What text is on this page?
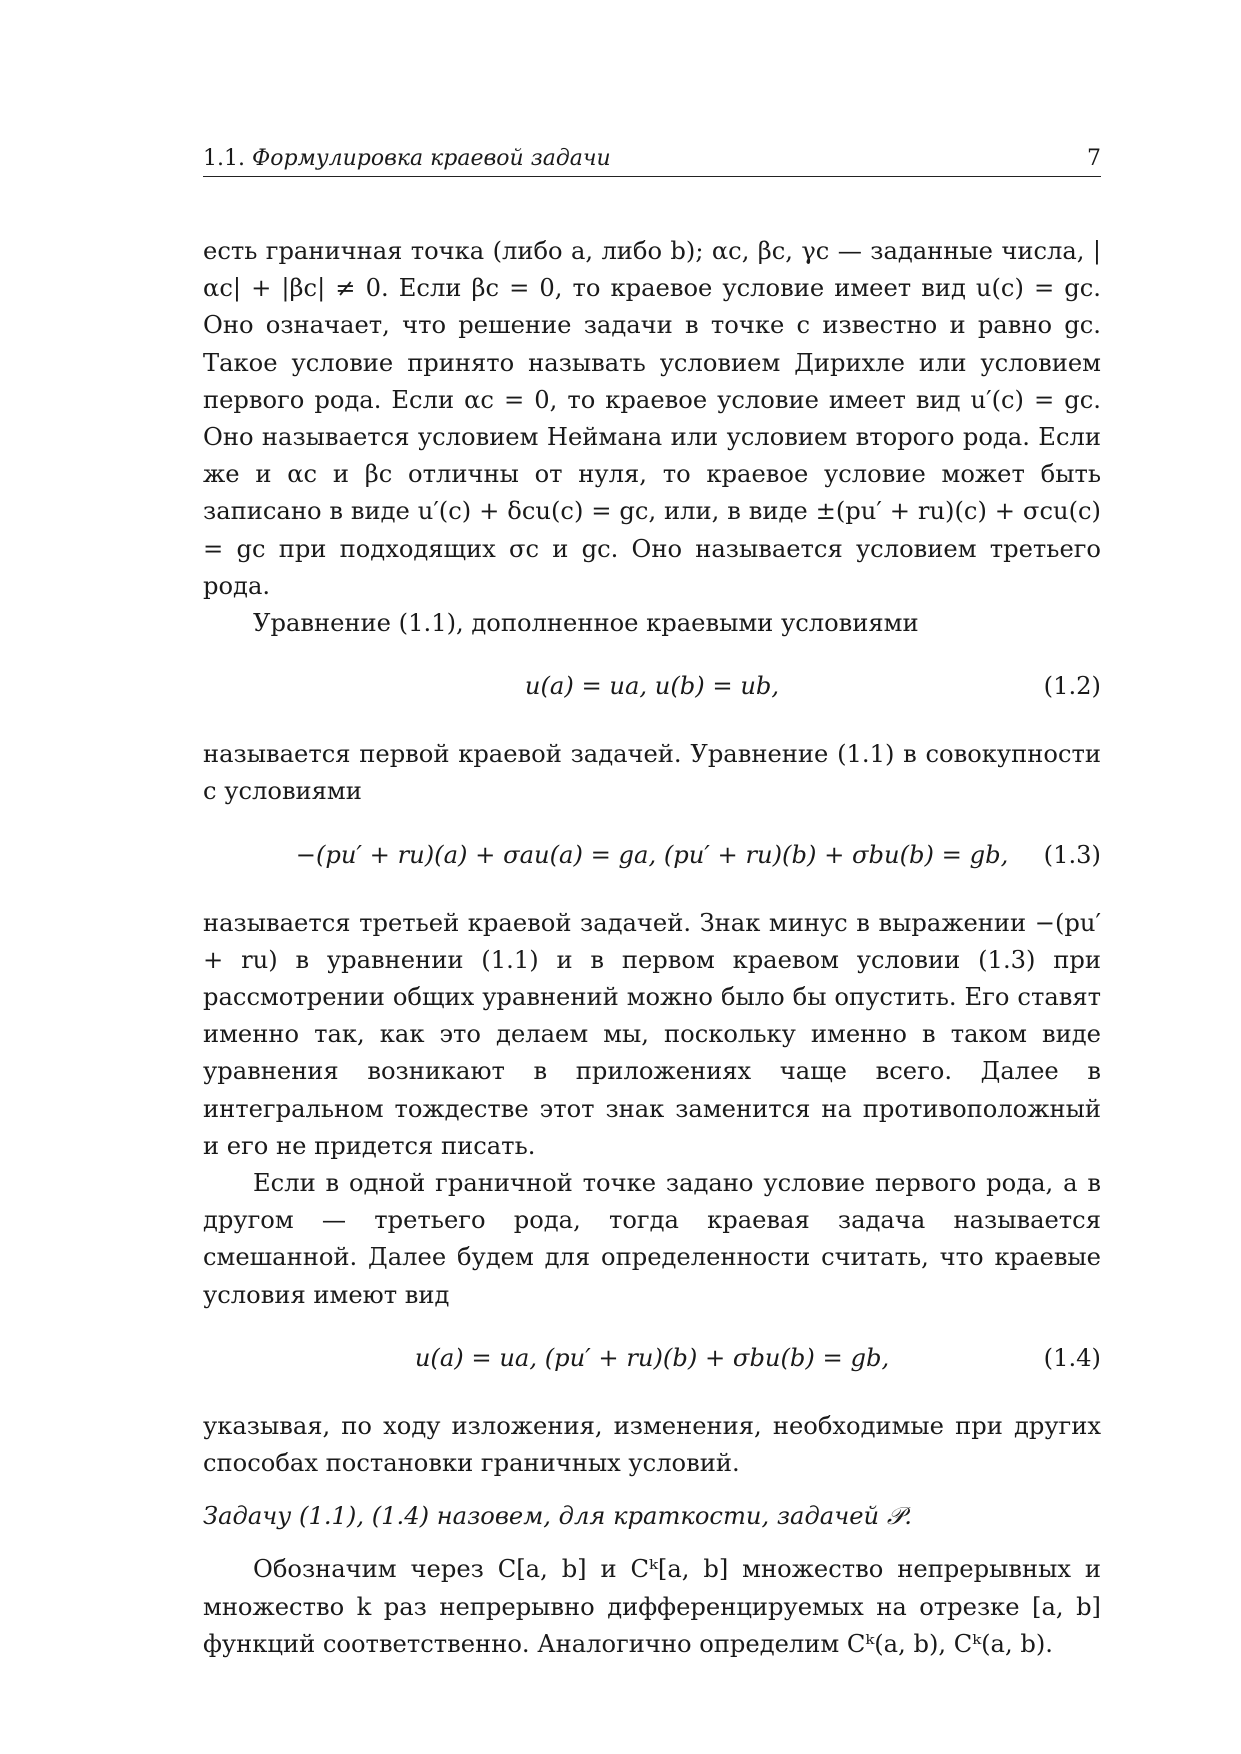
1.1. Формулировка краевой задачи	7

есть граничная точка (либо a, либо b); αc, βc, γc — заданные числа, |αc| + |βc| ≠ 0. Если βc = 0, то краевое условие имеет вид u(c) = gc. Оно означает, что решение задачи в точке c известно и равно gc. Такое условие принято называть условием Дирихле или условием первого рода. Если αc = 0, то краевое условие имеет вид u′(c) = gc. Оно называется условием Неймана или условием второго рода. Если же и αc и βc отличны от нуля, то краевое условие может быть записано в виде u′(c) + δcu(c) = gc, или, в виде ±(pu′ + ru)(c) + σcu(c) = gc при подходящих σc и gc. Оно называется условием третьего рода.

Уравнение (1.1), дополненное краевыми условиями

u(a) = ua, u(b) = ub,	(1.2)

называется первой краевой задачей. Уравнение (1.1) в совокупности с условиями

−(pu′ + ru)(a) + σau(a) = ga, (pu′ + ru)(b) + σbu(b) = gb, (1.3)

называется третьей краевой задачей. Знак минус в выражении −(pu′ + ru) в уравнении (1.1) и в первом краевом условии (1.3) при рассмотрении общих уравнений можно было бы опустить. Его ставят именно так, как это делаем мы, поскольку именно в таком виде уравнения возникают в приложениях чаще всего. Далее в интегральном тождестве этот знак заменится на противоположный и его не придется писать.

Если в одной граничной точке задано условие первого рода, а в другом — третьего рода, тогда краевая задача называется смешанной. Далее будем для определенности считать, что краевые условия имеют вид

u(a) = ua, (pu′ + ru)(b) + σbu(b) = gb,	(1.4)

указывая, по ходу изложения, изменения, необходимые при других способах постановки граничных условий.

Задачу (1.1), (1.4) назовем, для краткости, задачей 𝒫.

Обозначим через C[a, b] и Cᵏ[a, b] множество непрерывных и множество k раз непрерывно дифференцируемых на отрезке [a, b] функций соответственно. Аналогично определим Cᵏ(a, b), Cᵏ(a, b).
